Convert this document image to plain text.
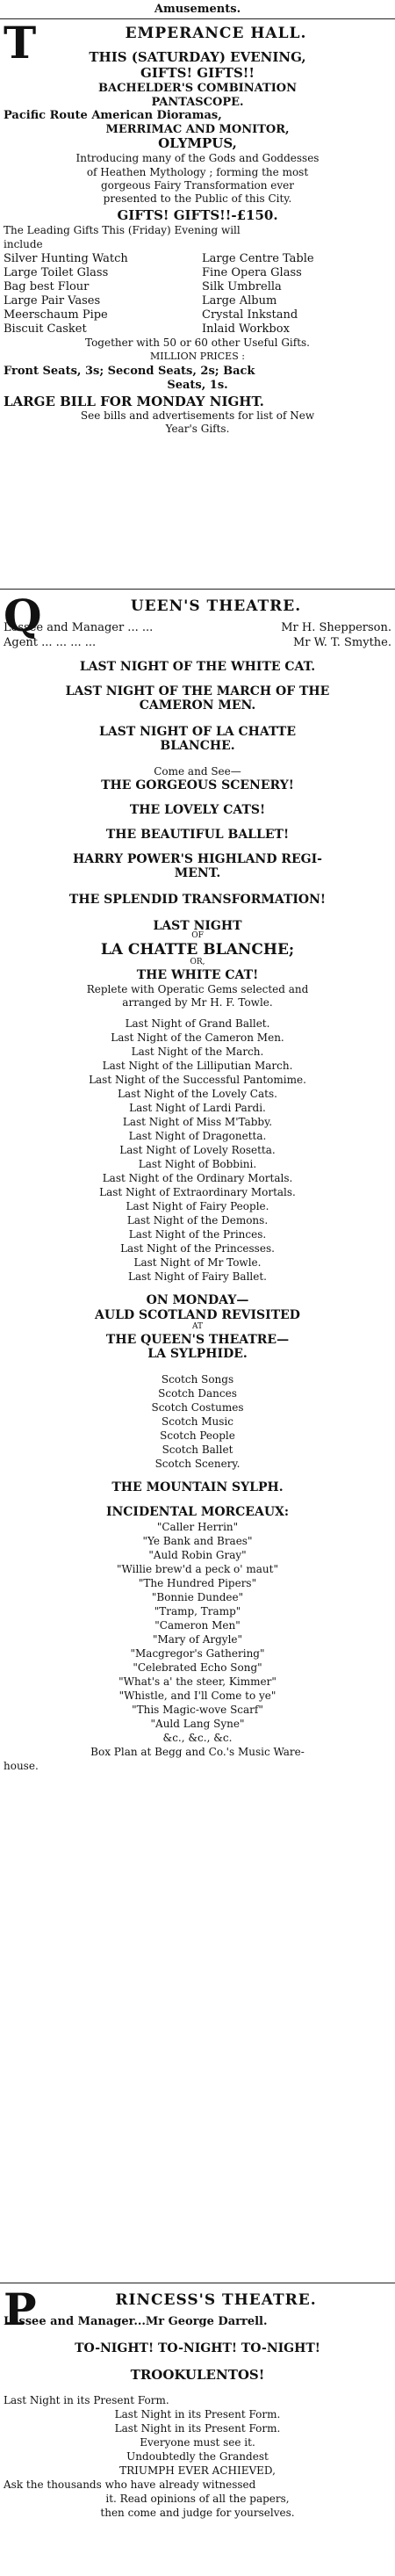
Amusements.
T	EMPERANCE HALL.
THIS (SATURDAY) EVENING,
GIFTS! GIFTS!!
BACHELDER'S COMBINATION
PANTASCOPE.
Pacific Route American Dioramas,
MERRIMAC AND MONITOR,
OLYMPUS,
Introducing many of the Gods and Goddesses
of Heathen Mythology ; forming the most
gorgeous Fairy Transformation ever
presented to the Public of this City.
GIFTS! GIFTS!!-£150.
The Leading Gifts This (Friday) Evening will
include
Silver Hunting Watch	Large Centre Table
Large Toilet Glass	Fine Opera Glass
Bag best Flour	Silk Umbrella
Large Pair Vases	Large Album
Meerschaum Pipe	Crystal Inkstand
Biscuit Casket	Inlaid Workbox
Together with 50 or 60 other Useful Gifts.
MILLION PRICES :
Front Seats, 3s; Second Seats, 2s; Back
Seats, 1s.
LARGE BILL FOR MONDAY NIGHT.
See bills and advertisements for list of New
Year's Gifts.
Q	UEEN'S THEATRE.
Lessee and Manager ... ...	Mr H. Shepperson.
Agent ... ... ... ...	Mr W. T. Smythe.
LAST NIGHT OF THE WHITE CAT.
LAST NIGHT OF THE MARCH OF THE
CAMERON MEN.
LAST NIGHT OF LA CHATTE
BLANCHE.
Come and See—
THE GORGEOUS SCENERY!
THE LOVELY CATS!
THE BEAUTIFUL BALLET!
HARRY POWER'S HIGHLAND REGI-
MENT.
THE SPLENDID TRANSFORMATION!
LAST NIGHT
OF
LA CHATTE BLANCHE;
OR,
THE WHITE CAT!
Replete with Operatic Gems selected and
arranged by Mr H. F. Towle.
Last Night of Grand Ballet.
Last Night of the Cameron Men.
Last Night of the March.
Last Night of the Lilliputian March.
Last Night of the Successful Pantomime.
Last Night of the Lovely Cats.
Last Night of Lardi Pardi.
Last Night of Miss M'Tabby.
Last Night of Dragonetta.
Last Night of Lovely Rosetta.
Last Night of Bobbini.
Last Night of the Ordinary Mortals.
Last Night of Extraordinary Mortals.
Last Night of Fairy People.
Last Night of the Demons.
Last Night of the Princes.
Last Night of the Princesses.
Last Night of Mr Towle.
Last Night of Fairy Ballet.
ON MONDAY—
AULD SCOTLAND REVISITED
AT
THE QUEEN'S THEATRE—
LA SYLPHIDE.
Scotch Songs
Scotch Dances
Scotch Costumes
Scotch Music
Scotch People
Scotch Ballet
Scotch Scenery.
THE MOUNTAIN SYLPH.
INCIDENTAL MORCEAUX:
"Caller Herrin"
"Ye Bank and Braes"
"Auld Robin Gray"
"Willie brew'd a peck o' maut"
"The Hundred Pipers"
"Bonnie Dundee"
"Tramp, Tramp"
"Cameron Men"
"Mary of Argyle"
"Macgregor's Gathering"
"Celebrated Echo Song"
"What's a' the steer, Kimmer"
"Whistle, and I'll Come to ye"
"This Magic-wove Scarf"
"Auld Lang Syne"
&c., &c., &c.
Box Plan at Begg and Co.'s Music Ware-
house.
P	RINCESS'S THEATRE.
Lessee and Manager...Mr George Darrell.
TO-NIGHT! TO-NIGHT! TO-NIGHT!
TROOKULENTOS!
Last Night in its Present Form.
Last Night in its Present Form.
Last Night in its Present Form.
Everyone must see it.
Undoubtedly the Grandest
TRIUMPH EVER ACHIEVED,
Ask the thousands who have already witnessed
it. Read opinions of all the papers,
then come and judge for yourselves.
